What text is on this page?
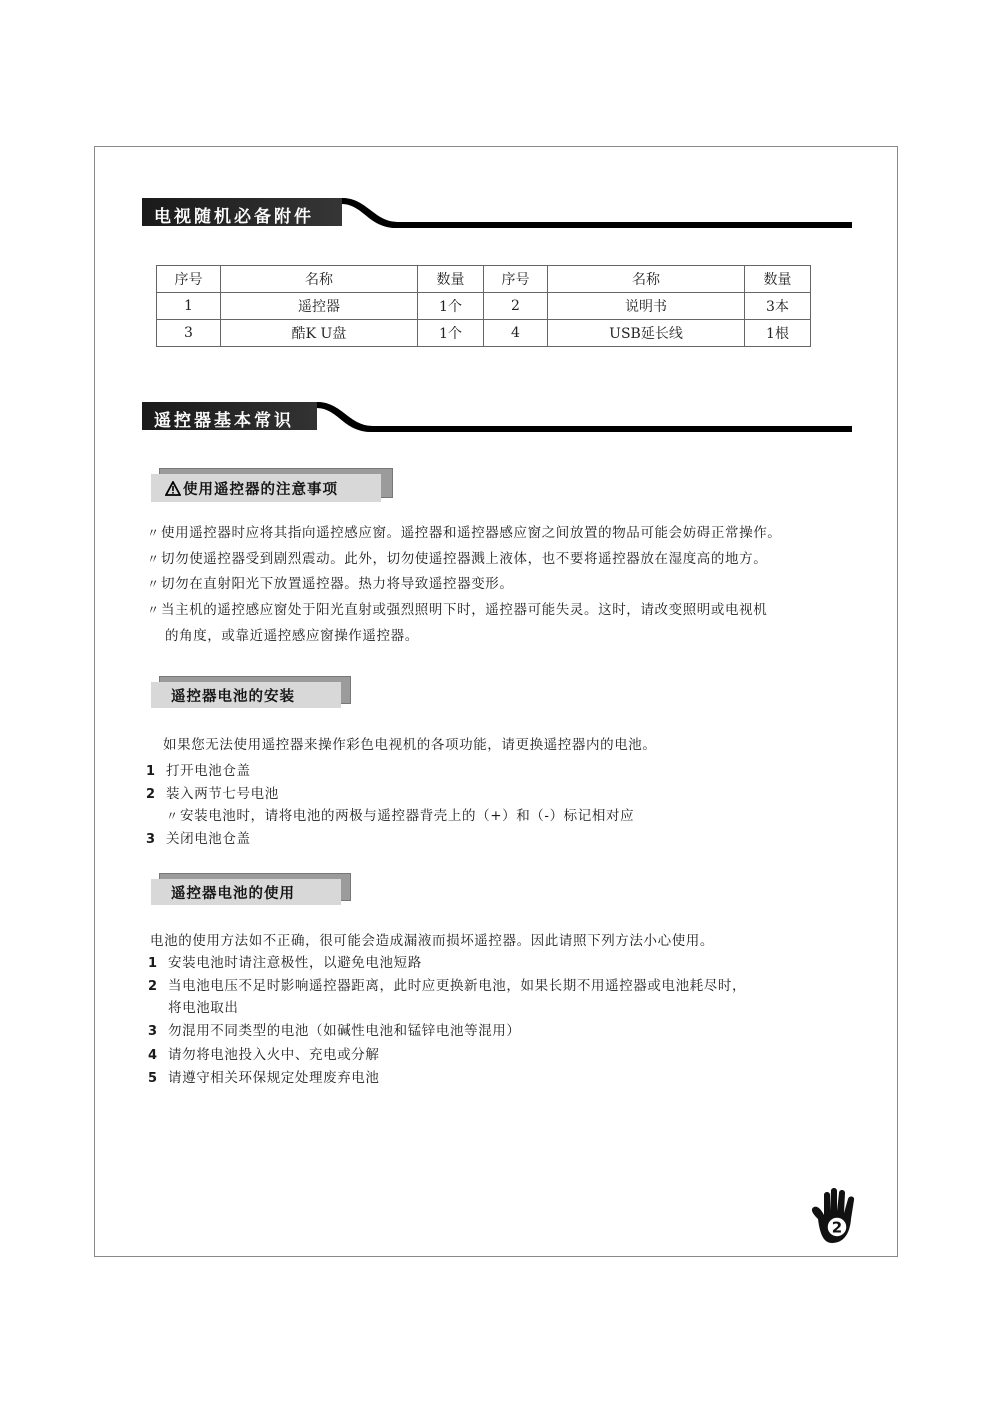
电视随机必备附件
序号	名称	数量	序号	名称	数量
1	遥控器	1个	2	说明书	3本
3	酷K U盘	1个	4	USB延长线	1根
遥控器基本常识
使用遥控器的注意事项
〃使用遥控器时应将其指向遥控感应窗。遥控器和遥控器感应窗之间放置的物品可能会妨碍正常操作。
〃切勿使遥控器受到剧烈震动。此外，切勿使遥控器溅上液体，也不要将遥控器放在湿度高的地方。
〃切勿在直射阳光下放置遥控器。热力将导致遥控器变形。
〃当主机的遥控感应窗处于阳光直射或强烈照明下时，遥控器可能失灵。这时，请改变照明或电视机
的角度，或靠近遥控感应窗操作遥控器。
遥控器电池的安装
如果您无法使用遥控器来操作彩色电视机的各项功能，请更换遥控器内的电池。
1 打开电池仓盖
2 装入两节七号电池
〃安装电池时，请将电池的两极与遥控器背壳上的（+）和（-）标记相对应
3 关闭电池仓盖
遥控器电池的使用
电池的使用方法如不正确，很可能会造成漏液而损坏遥控器。因此请照下列方法小心使用。
1 安装电池时请注意极性，以避免电池短路
2 当电池电压不足时影响遥控器距离，此时应更换新电池，如果长期不用遥控器或电池耗尽时，
将电池取出
3 勿混用不同类型的电池（如碱性电池和锰锌电池等混用）
4 请勿将电池投入火中、充电或分解
5 请遵守相关环保规定处理废弃电池
2
